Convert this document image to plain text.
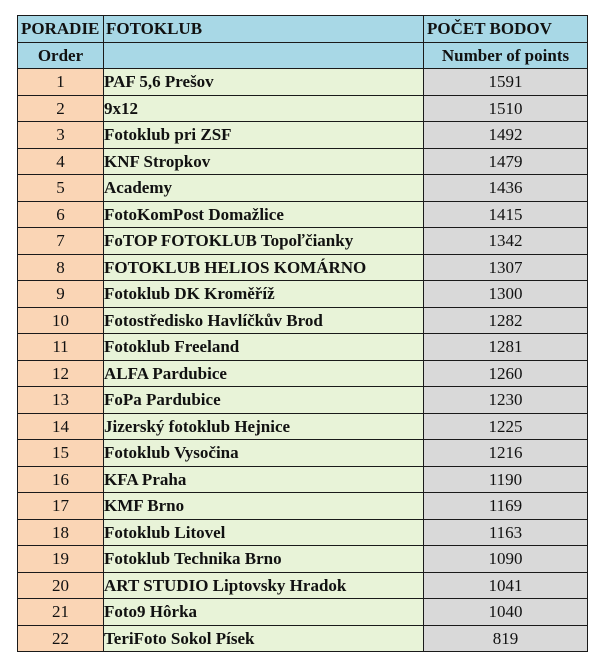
PORADIE	FOTOKLUB	POČET BODOV
Order		Number of points
1	PAF 5,6 Prešov	1591
2	9x12	1510
3	Fotoklub pri ZSF	1492
4	KNF Stropkov	1479
5	Academy	1436
6	FotoKomPost Domažlice	1415
7	FoTOP FOTOKLUB Topoľčianky	1342
8	FOTOKLUB HELIOS KOMÁRNO	1307
9	Fotoklub DK Kroměříž	1300
10	Fotostředisko Havlíčkův Brod	1282
11	Fotoklub Freeland	1281
12	ALFA Pardubice	1260
13	FoPa Pardubice	1230
14	Jizerský fotoklub Hejnice	1225
15	Fotoklub Vysočina	1216
16	KFA Praha	1190
17	KMF Brno	1169
18	Fotoklub Litovel	1163
19	Fotoklub Technika Brno	1090
20	ART STUDIO Liptovsky Hradok	1041
21	Foto9 Hôrka	1040
22	TeriFoto Sokol Písek	819
